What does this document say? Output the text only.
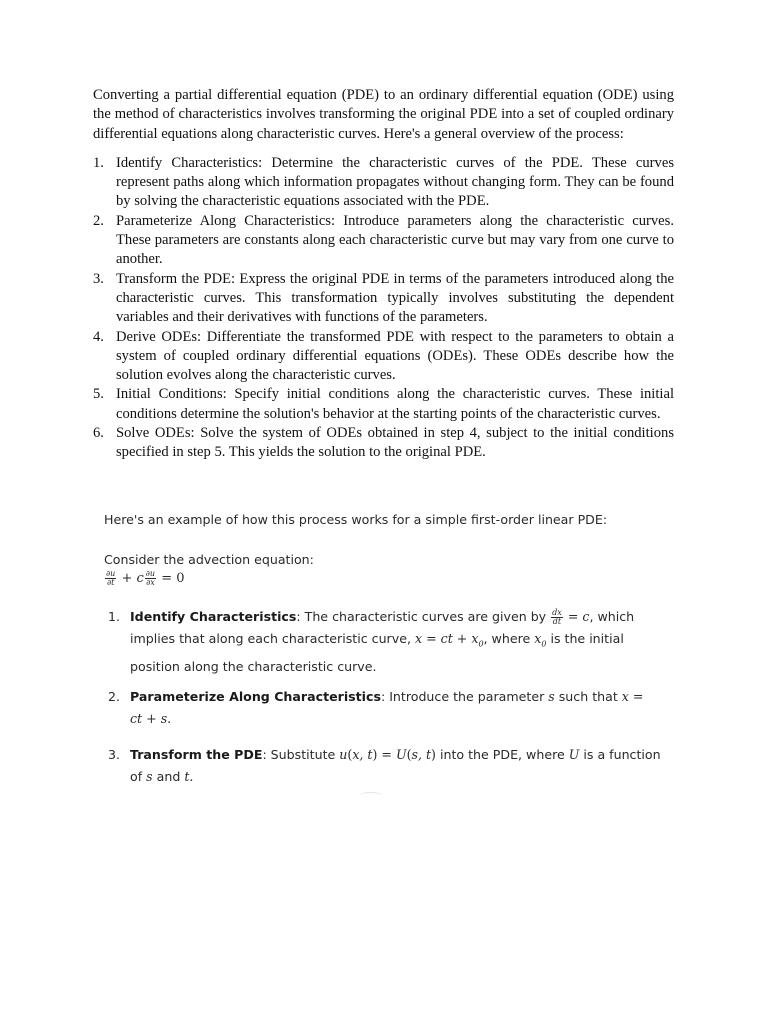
Converting a partial differential equation (PDE) to an ordinary differential equation (ODE) using the method of characteristics involves transforming the original PDE into a set of coupled ordinary differential equations along characteristic curves. Here's a general overview of the process:

1. Identify Characteristics: Determine the characteristic curves of the PDE. These curves represent paths along which information propagates without changing form. They can be found by solving the characteristic equations associated with the PDE.
2. Parameterize Along Characteristics: Introduce parameters along the characteristic curves. These parameters are constants along each characteristic curve but may vary from one curve to another.
3. Transform the PDE: Express the original PDE in terms of the parameters introduced along the characteristic curves. This transformation typically involves substituting the dependent variables and their derivatives with functions of the parameters.
4. Derive ODEs: Differentiate the transformed PDE with respect to the parameters to obtain a system of coupled ordinary differential equations (ODEs). These ODEs describe how the solution evolves along the characteristic curves.
5. Initial Conditions: Specify initial conditions along the characteristic curves. These initial conditions determine the solution's behavior at the starting points of the characteristic curves.
6. Solve ODEs: Solve the system of ODEs obtained in step 4, subject to the initial conditions specified in step 5. This yields the solution to the original PDE.

Here's an example of how this process works for a simple first-order linear PDE:

Consider the advection equation:

$\frac{\partial u}{\partial t} + c \frac{\partial u}{\partial x} = 0$
1. Identify Characteristics: The characteristic curves are given by $\frac{dx}{dt} = c$, which implies that along each characteristic curve, x = ct + $x_0$, where $x_0$ is the initial position along the characteristic curve.
2. Parameterize Along Characteristics: Introduce the parameter s such that x =
ct + s.
3. Transform the PDE: Substitute u(x, t) = U(s, t) into the PDE, where U is a function of s and t.
